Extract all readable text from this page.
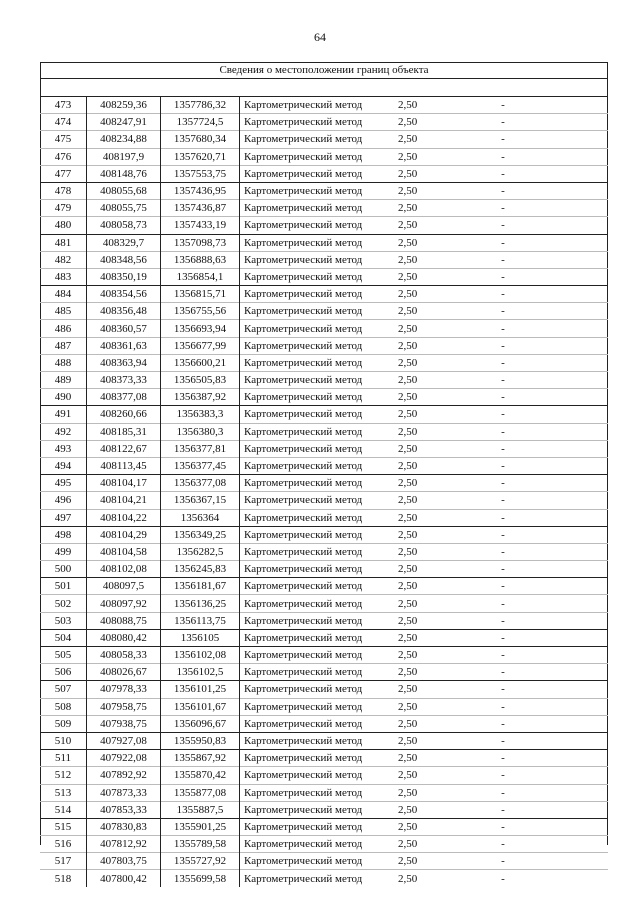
64
Сведения о местоположении границ объекта
473	408259,36	1357786,32	Картометрический метод	2,50	-
474	408247,91	1357724,5	Картометрический метод	2,50	-
475	408234,88	1357680,34	Картометрический метод	2,50	-
476	408197,9	1357620,71	Картометрический метод	2,50	-
477	408148,76	1357553,75	Картометрический метод	2,50	-
478	408055,68	1357436,95	Картометрический метод	2,50	-
479	408055,75	1357436,87	Картометрический метод	2,50	-
480	408058,73	1357433,19	Картометрический метод	2,50	-
481	408329,7	1357098,73	Картометрический метод	2,50	-
482	408348,56	1356888,63	Картометрический метод	2,50	-
483	408350,19	1356854,1	Картометрический метод	2,50	-
484	408354,56	1356815,71	Картометрический метод	2,50	-
485	408356,48	1356755,56	Картометрический метод	2,50	-
486	408360,57	1356693,94	Картометрический метод	2,50	-
487	408361,63	1356677,99	Картометрический метод	2,50	-
488	408363,94	1356600,21	Картометрический метод	2,50	-
489	408373,33	1356505,83	Картометрический метод	2,50	-
490	408377,08	1356387,92	Картометрический метод	2,50	-
491	408260,66	1356383,3	Картометрический метод	2,50	-
492	408185,31	1356380,3	Картометрический метод	2,50	-
493	408122,67	1356377,81	Картометрический метод	2,50	-
494	408113,45	1356377,45	Картометрический метод	2,50	-
495	408104,17	1356377,08	Картометрический метод	2,50	-
496	408104,21	1356367,15	Картометрический метод	2,50	-
497	408104,22	1356364	Картометрический метод	2,50	-
498	408104,29	1356349,25	Картометрический метод	2,50	-
499	408104,58	1356282,5	Картометрический метод	2,50	-
500	408102,08	1356245,83	Картометрический метод	2,50	-
501	408097,5	1356181,67	Картометрический метод	2,50	-
502	408097,92	1356136,25	Картометрический метод	2,50	-
503	408088,75	1356113,75	Картометрический метод	2,50	-
504	408080,42	1356105	Картометрический метод	2,50	-
505	408058,33	1356102,08	Картометрический метод	2,50	-
506	408026,67	1356102,5	Картометрический метод	2,50	-
507	407978,33	1356101,25	Картометрический метод	2,50	-
508	407958,75	1356101,67	Картометрический метод	2,50	-
509	407938,75	1356096,67	Картометрический метод	2,50	-
510	407927,08	1355950,83	Картометрический метод	2,50	-
511	407922,08	1355867,92	Картометрический метод	2,50	-
512	407892,92	1355870,42	Картометрический метод	2,50	-
513	407873,33	1355877,08	Картометрический метод	2,50	-
514	407853,33	1355887,5	Картометрический метод	2,50	-
515	407830,83	1355901,25	Картометрический метод	2,50	-
516	407812,92	1355789,58	Картометрический метод	2,50	-
517	407803,75	1355727,92	Картометрический метод	2,50	-
518	407800,42	1355699,58	Картометрический метод	2,50	-
